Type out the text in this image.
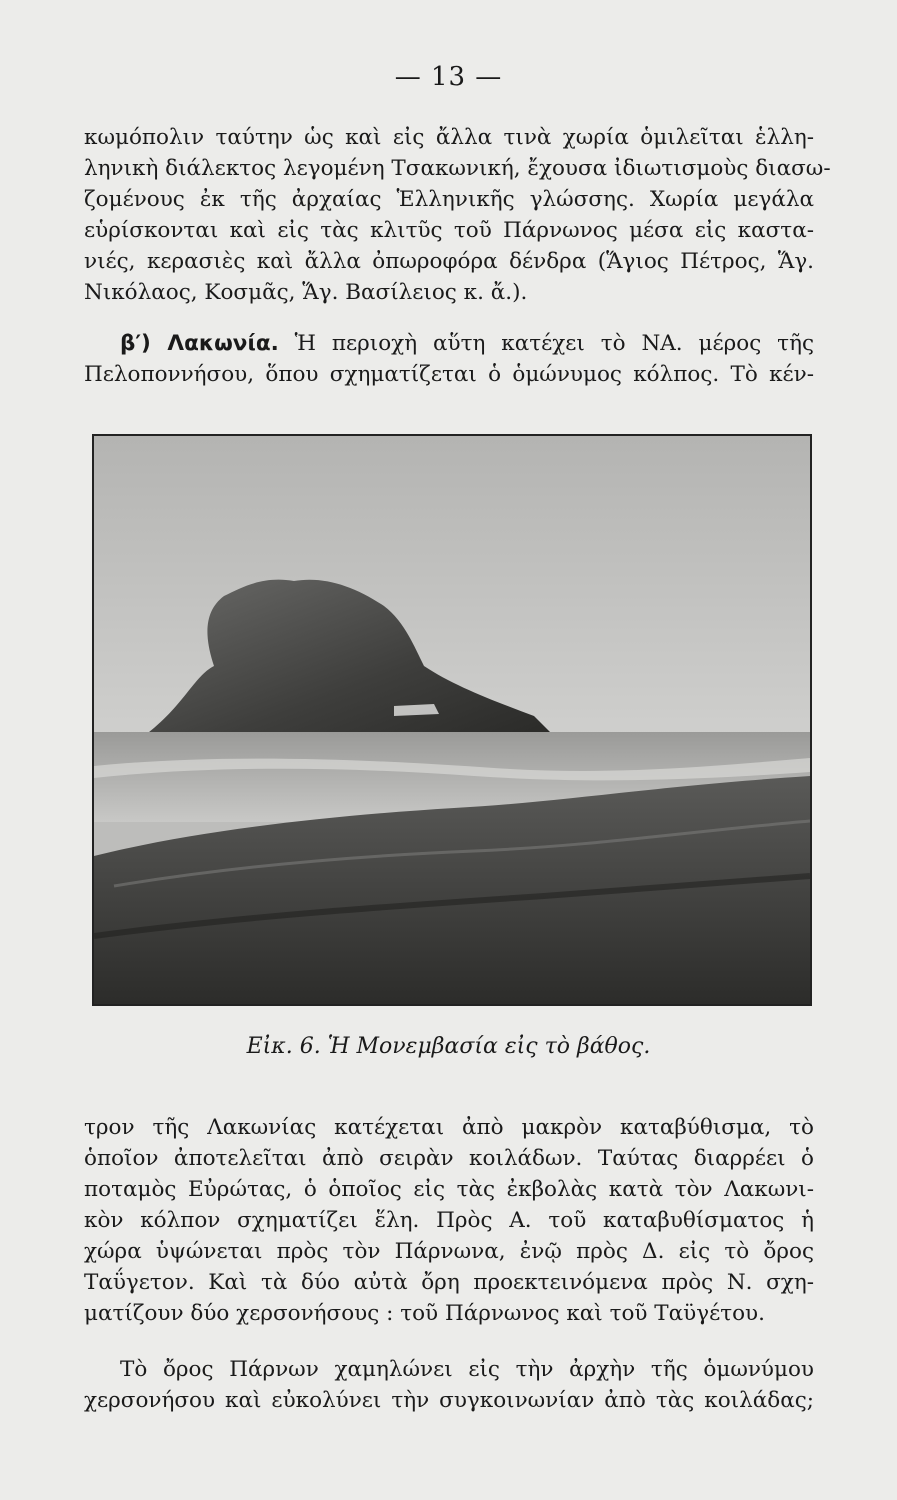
— 13 —
κωμόπολιν ταύτην ὡς καὶ εἰς ἄλλα τινὰ χωρία ὁμιλεῖται ἑλλη-
ληνικὴ διάλεκτος λεγομένη Τσακωνική, ἔχουσα ἰδιωτισμοὺς διασω-
ζομένους ἐκ τῆς ἀρχαίας Ἑλληνικῆς γλώσσης. Χωρία μεγάλα
εὑρίσκονται καὶ εἰς τὰς κλιτῦς τοῦ Πάρνωνος μέσα εἰς καστα-
νιές, κερασιὲς καὶ ἄλλα ὀπωροφόρα δένδρα (Ἅγιος Πέτρος, Ἅγ.
Νικόλαος, Κοσμᾶς, Ἅγ. Βασίλειος κ. ἄ.).
β′) Λακωνία. Ἡ περιοχὴ αὕτη κατέχει τὸ ΝΑ. μέρος τῆς
Πελοποννήσου, ὅπου σχηματίζεται ὁ ὁμώνυμος κόλπος. Τὸ κέν-
Εἰκ. 6. Ἡ Μονεμβασία εἰς τὸ βάθος.
τρον τῆς Λακωνίας κατέχεται ἀπὸ μακρὸν καταβύθισμα, τὸ
ὁποῖον ἀποτελεῖται ἀπὸ σειρὰν κοιλάδων. Ταύτας διαρρέει ὁ
ποταμὸς Εὐρώτας, ὁ ὁποῖος εἰς τὰς ἐκβολὰς κατὰ τὸν Λακωνι-
κὸν κόλπον σχηματίζει ἕλη. Πρὸς Α. τοῦ καταβυθίσματος ἡ
χώρα ὑψώνεται πρὸς τὸν Πάρνωνα, ἐνῷ πρὸς Δ. εἰς τὸ ὄρος
Ταΰγετον. Καὶ τὰ δύο αὐτὰ ὄρη προεκτεινόμενα πρὸς Ν. σχη-
ματίζουν δύο χερσονήσους : τοῦ Πάρνωνος καὶ τοῦ Ταϋγέτου.
Τὸ ὄρος Πάρνων χαμηλώνει εἰς τὴν ἀρχὴν τῆς ὁμωνύμου
χερσονήσου καὶ εὐκολύνει τὴν συγκοινωνίαν ἀπὸ τὰς κοιλάδας;
